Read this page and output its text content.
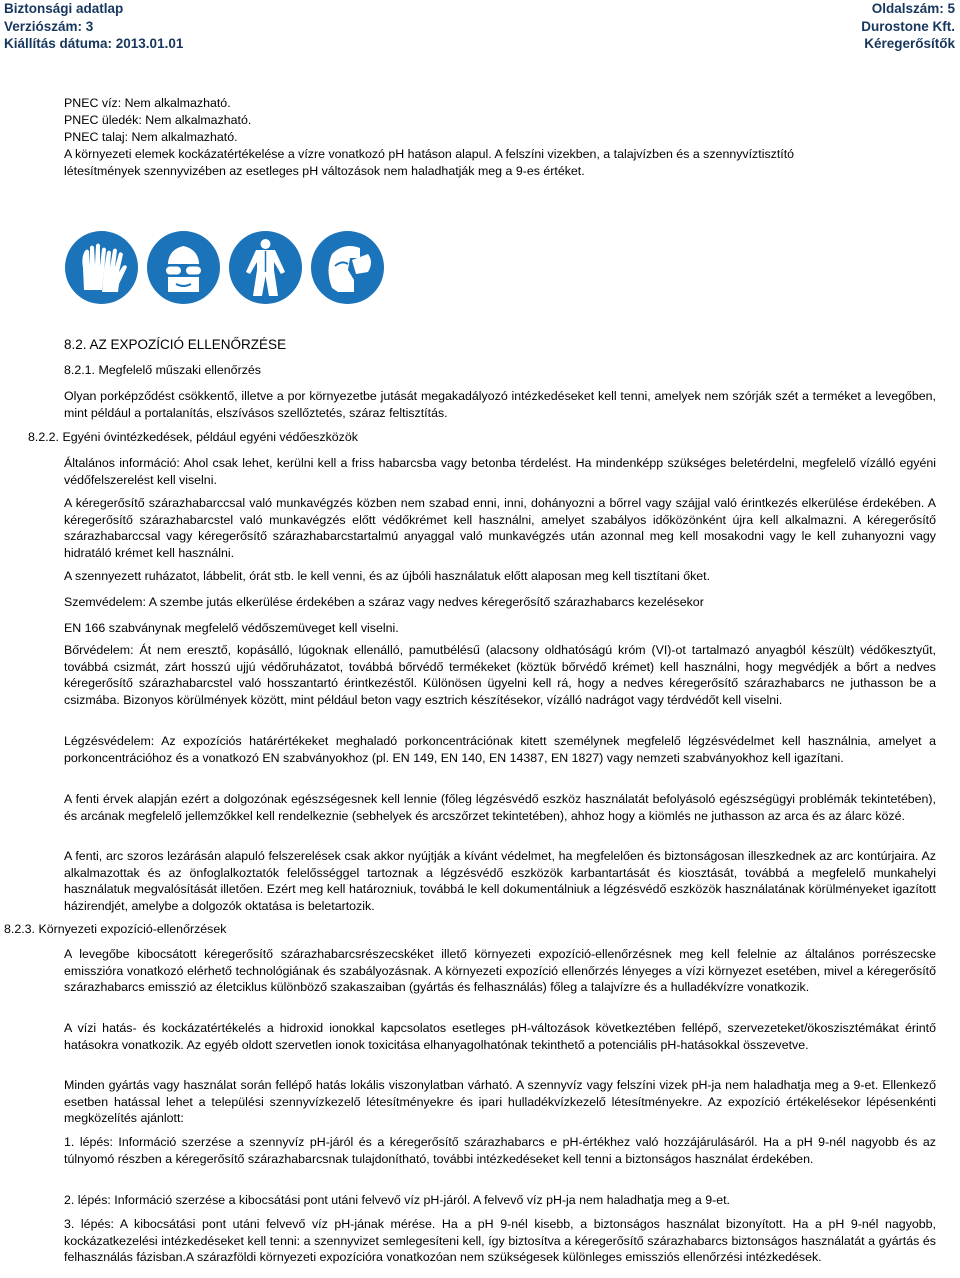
Biztonsági adatlap
Verziószám: 3
Kiállítás dátuma: 2013.01.01
Oldalszám: 5
Durostone Kft.
Kéregerősítők
PNEC víz: Nem alkalmazható.
PNEC üledék: Nem alkalmazható.
PNEC talaj: Nem alkalmazható.
A környezeti elemek kockázatértékelése a vízre vonatkozó pH hatáson alapul. A felszíni vizekben, a talajvízben és a szennyvíztisztító
létesítmények szennyvizében az esetleges pH változások nem haladhatják meg a 9-es értéket.
8.2. AZ EXPOZÍCIÓ ELLENŐRZÉSE
8.2.1. Megfelelő műszaki ellenőrzés
Olyan porképződést csökkentő, illetve a por környezetbe jutását megakadályozó intézkedéseket kell tenni, amelyek nem szórják szét a terméket a levegőben, mint például a portalanítás, elszívásos szellőztetés, száraz feltisztítás.
8.2.2. Egyéni óvintézkedések, például egyéni védőeszközök
Általános információ: Ahol csak lehet, kerülni kell a friss habarcsba vagy betonba térdelést. Ha mindenképp szükséges beletérdelni, megfelelő vízálló egyéni védőfelszerelést kell viselni.
A kéregerősítő szárazhabarccsal való munkavégzés közben nem szabad enni, inni, dohányozni a bőrrel vagy szájjal való érintkezés elkerülése érdekében. A kéregerősítő szárazhabarcstel való munkavégzés előtt védőkrémet kell használni, amelyet szabályos időközönként újra kell alkalmazni. A kéregerősítő szárazhabarccsal vagy kéregerősítő szárazhabarcstartalmú anyaggal való munkavégzés után azonnal meg kell mosakodni vagy le kell zuhanyozni vagy hidratáló krémet kell használni.
A szennyezett ruházatot, lábbelit, órát stb. le kell venni, és az újbóli használatuk előtt alaposan meg kell tisztítani őket.
Szemvédelem: A szembe jutás elkerülése érdekében a száraz vagy nedves kéregerősítő szárazhabarcs kezelésekor
EN 166 szabványnak megfelelő védőszemüveget kell viselni.
Bőrvédelem: Át nem eresztő, kopásálló, lúgoknak ellenálló, pamutbélésű (alacsony oldhatóságú króm (VI)-ot tartalmazó anyagból készült) védőkesztyűt, továbbá csizmát, zárt hosszú ujjú védőruházatot, továbbá bőrvédő termékeket (köztük bőrvédő krémet) kell használni, hogy megvédjék a bőrt a nedves kéregerősítő szárazhabarcstel való hosszantartó érintkezéstől. Különösen ügyelni kell rá, hogy a nedves kéregerősítő szárazhabarcs ne juthasson be a csizmába. Bizonyos körülmények között, mint például beton vagy esztrich készítésekor, vízálló nadrágot vagy térdvédőt kell viselni.
Légzésvédelem: Az expozíciós határértékeket meghaladó porkoncentrációnak kitett személynek megfelelő légzésvédelmet kell használnia, amelyet a porkoncentrációhoz és a vonatkozó EN szabványokhoz (pl. EN 149, EN 140, EN 14387, EN 1827) vagy nemzeti szabványokhoz kell igazítani.
A fenti érvek alapján ezért a dolgozónak egészségesnek kell lennie (főleg légzésvédő eszköz használatát befolyásoló egészségügyi problémák tekintetében), és arcának megfelelő jellemzőkkel kell rendelkeznie (sebhelyek és arcszőrzet tekintetében), ahhoz hogy a kiömlés ne juthasson az arca és az álarc közé.
A fenti, arc szoros lezárásán alapuló felszerelések csak akkor nyújtják a kívánt védelmet, ha megfelelően és biztonságosan illeszkednek az arc kontúrjaira. Az alkalmazottak és az önfoglalkoztatók felelősséggel tartoznak a légzésvédő eszközök karbantartását és kiosztását, továbbá a megfelelő munkahelyi használatuk megvalósítását illetően. Ezért meg kell határozniuk, továbbá le kell dokumentálniuk a légzésvédő eszközök használatának körülményeket igazított házirendjét, amelybe a dolgozók oktatása is beletartozik.
8.2.3. Környezeti expozíció-ellenőrzések
A levegőbe kibocsátott kéregerősítő szárazhabarcsrészecskéket illető környezeti expozíció-ellenőrzésnek meg kell felelnie az általános porrészecske emisszióra vonatkozó elérhető technológiának és szabályozásnak. A környezeti expozíció ellenőrzés lényeges a vízi környezet esetében, mivel a kéregerősítő szárazhabarcs emisszió az életciklus különböző szakaszaiban (gyártás és felhasználás) főleg a talajvízre és a hulladékvízre vonatkozik.
A vízi hatás- és kockázatértékelés a hidroxid ionokkal kapcsolatos esetleges pH-változások következtében fellépő, szervezeteket/ökoszisztémákat érintő hatásokra vonatkozik. Az egyéb oldott szervetlen ionok toxicitása elhanyagolhatónak tekinthető a potenciális pH-hatásokkal összevetve.
Minden gyártás vagy használat során fellépő hatás lokális viszonylatban várható. A szennyvíz vagy felszíni vizek pH-ja nem haladhatja meg a 9-et. Ellenkező esetben hatással lehet a települési szennyvízkezelő létesítményekre és ipari hulladékvízkezelő létesítményekre. Az expozíció értékelésekor lépésenkénti megközelítés ajánlott:
1. lépés: Információ szerzése a szennyvíz pH-járól és a kéregerősítő szárazhabarcs e pH-értékhez való hozzájárulásáról. Ha a pH 9-nél nagyobb és az túlnyomó részben a kéregerősítő szárazhabarcsnak tulajdonítható, további intézkedéseket kell tenni a biztonságos használat érdekében.
2. lépés: Információ szerzése a kibocsátási pont utáni felvevő víz pH-járól. A felvevő víz pH-ja nem haladhatja meg a 9-et.
3. lépés: A kibocsátási pont utáni felvevő víz pH-jának mérése. Ha a pH 9-nél kisebb, a biztonságos használat bizonyított. Ha a pH 9-nél nagyobb, kockázatkezelési intézkedéseket kell tenni: a szennyvizet semlegesíteni kell, így biztosítva a kéregerősítő szárazhabarcs biztonságos használatát a gyártás és felhasználás fázisban.A szárazföldi környezeti expozícióra vonatkozóan nem szükségesek különleges emissziós ellenőrzési intézkedések.
